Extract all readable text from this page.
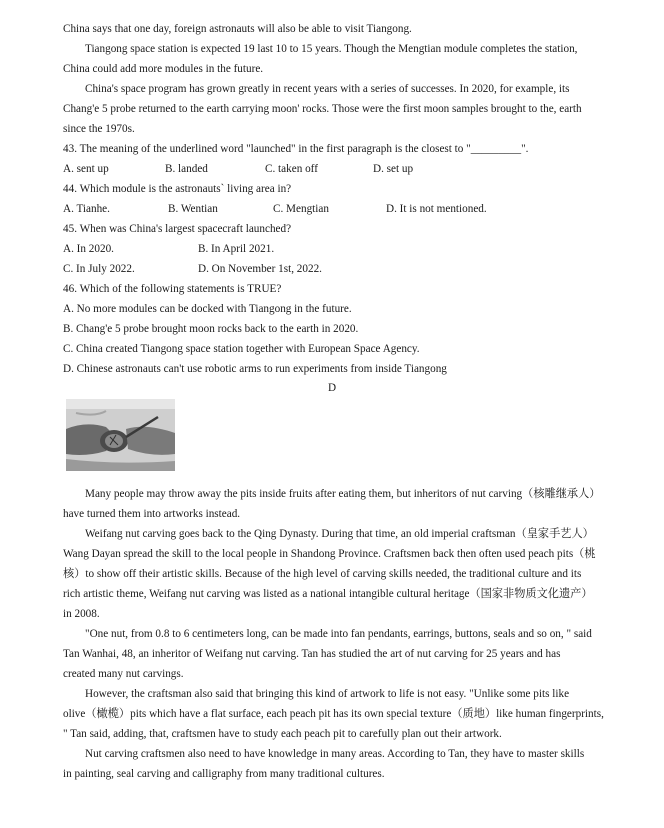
China says that one day, foreign astronauts will also be able to visit Tiangong.
Tiangong space station is expected 19 last 10 to 15 years. Though the Mengtian module completes the station,
China could add more modules in the future.
China's space program has grown greatly in recent years with a series of successes. In 2020, for example, its
Chang'e 5 probe returned to the earth carrying moon' rocks. Those were the first moon samples brought to the, earth
since the 1970s.
43. The meaning of the underlined word "launched" in the first paragraph is the closest to "_________".
A. sent up	B. landed	C. taken off	D. set up
44. Which module is the astronauts` living area in?
A. Tianhe.	B. Wentian	C. Mengtian	D. It is not mentioned.
45. When was China's largest spacecraft launched?
A. In 2020.	B. In April 2021.
C. In July 2022.	D. On November 1st, 2022.
46. Which of the following statements is TRUE?
A. No more modules can be docked with Tiangong in the future.
B. Chang'e 5 probe brought moon rocks back to the earth in 2020.
C. China created Tiangong space station together with European Space Agency.
D. Chinese astronauts can't use robotic arms to run experiments from inside Tiangong
D
Many people may throw away the pits inside fruits after eating them, but inheritors of nut carving（核雕继承人）
have turned them into artworks instead.
Weifang nut carving goes back to the Qing Dynasty. During that time, an old imperial craftsman（皇家手艺人）
Wang Dayan spread the skill to the local people in Shandong Province. Craftsmen back then often used peach pits（桃
核）to show off their artistic skills. Because of the high level of carving skills needed, the traditional culture and its
rich artistic theme, Weifang nut carving was listed as a national intangible cultural heritage（国家非物质文化遗产）
in 2008.
"One nut, from 0.8 to 6 centimeters long, can be made into fan pendants, earrings, buttons, seals and so on, " said
Tan Wanhai, 48, an inheritor of Weifang nut carving. Tan has studied the art of nut carving for 25 years and has
created many nut carvings.
However, the craftsman also said that bringing this kind of artwork to life is not easy. "Unlike some pits like
olive（橄榄）pits which have a flat surface, each peach pit has its own special texture（质地）like human fingerprints,
" Tan said, adding, that, craftsmen have to study each peach pit to carefully plan out their artwork.
Nut carving craftsmen also need to have knowledge in many areas. According to Tan, they have to master skills
in painting, seal carving and calligraphy from many traditional cultures.
